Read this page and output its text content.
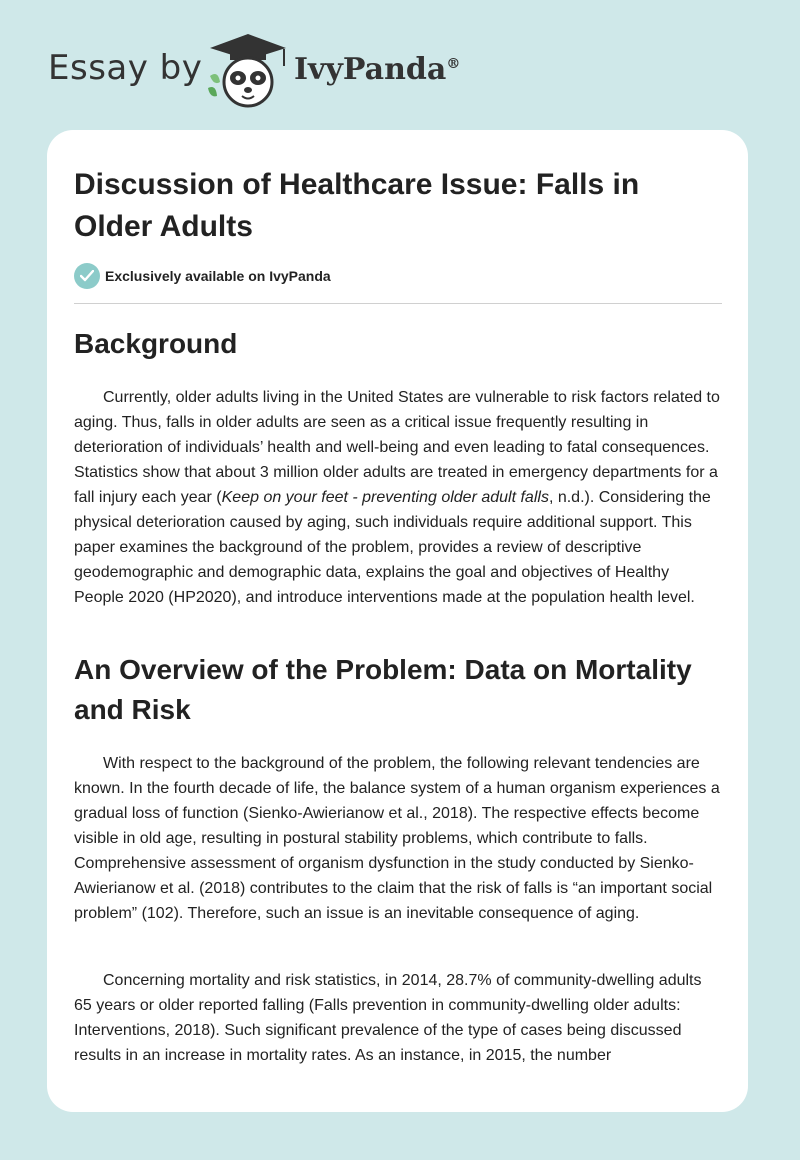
Essay by	IvyPanda®
Discussion of Healthcare Issue: Falls in Older Adults
Exclusively available on IvyPanda
Background

Currently, older adults living in the United States are vulnerable to risk factors related to aging. Thus, falls in older adults are seen as a critical issue frequently resulting in deterioration of individuals’ health and well-being and even leading to fatal consequences. Statistics show that about 3 million older adults are treated in emergency departments for a fall injury each year (Keep on your feet - preventing older adult falls, n.d.). Considering the physical deterioration caused by aging, such individuals require additional support. This paper examines the background of the problem, provides a review of descriptive geodemographic and demographic data, explains the goal and objectives of Healthy People 2020 (HP2020), and introduce interventions made at the population health level.

An Overview of the Problem: Data on Mortality and Risk

With respect to the background of the problem, the following relevant tendencies are known. In the fourth decade of life, the balance system of a human organism experiences a gradual loss of function (Sienko-Awierianow et al., 2018). The respective effects become visible in old age, resulting in postural stability problems, which contribute to falls. Comprehensive assessment of organism dysfunction in the study conducted by Sienko-Awierianow et al. (2018) contributes to the claim that the risk of falls is “an important social problem” (102). Therefore, such an issue is an inevitable consequence of aging.

Concerning mortality and risk statistics, in 2014, 28.7% of community-dwelling adults 65 years or older reported falling (Falls prevention in community-dwelling older adults: Interventions, 2018). Such significant prevalence of the type of cases being discussed results in an increase in mortality rates. As an instance, in 2015, the number
